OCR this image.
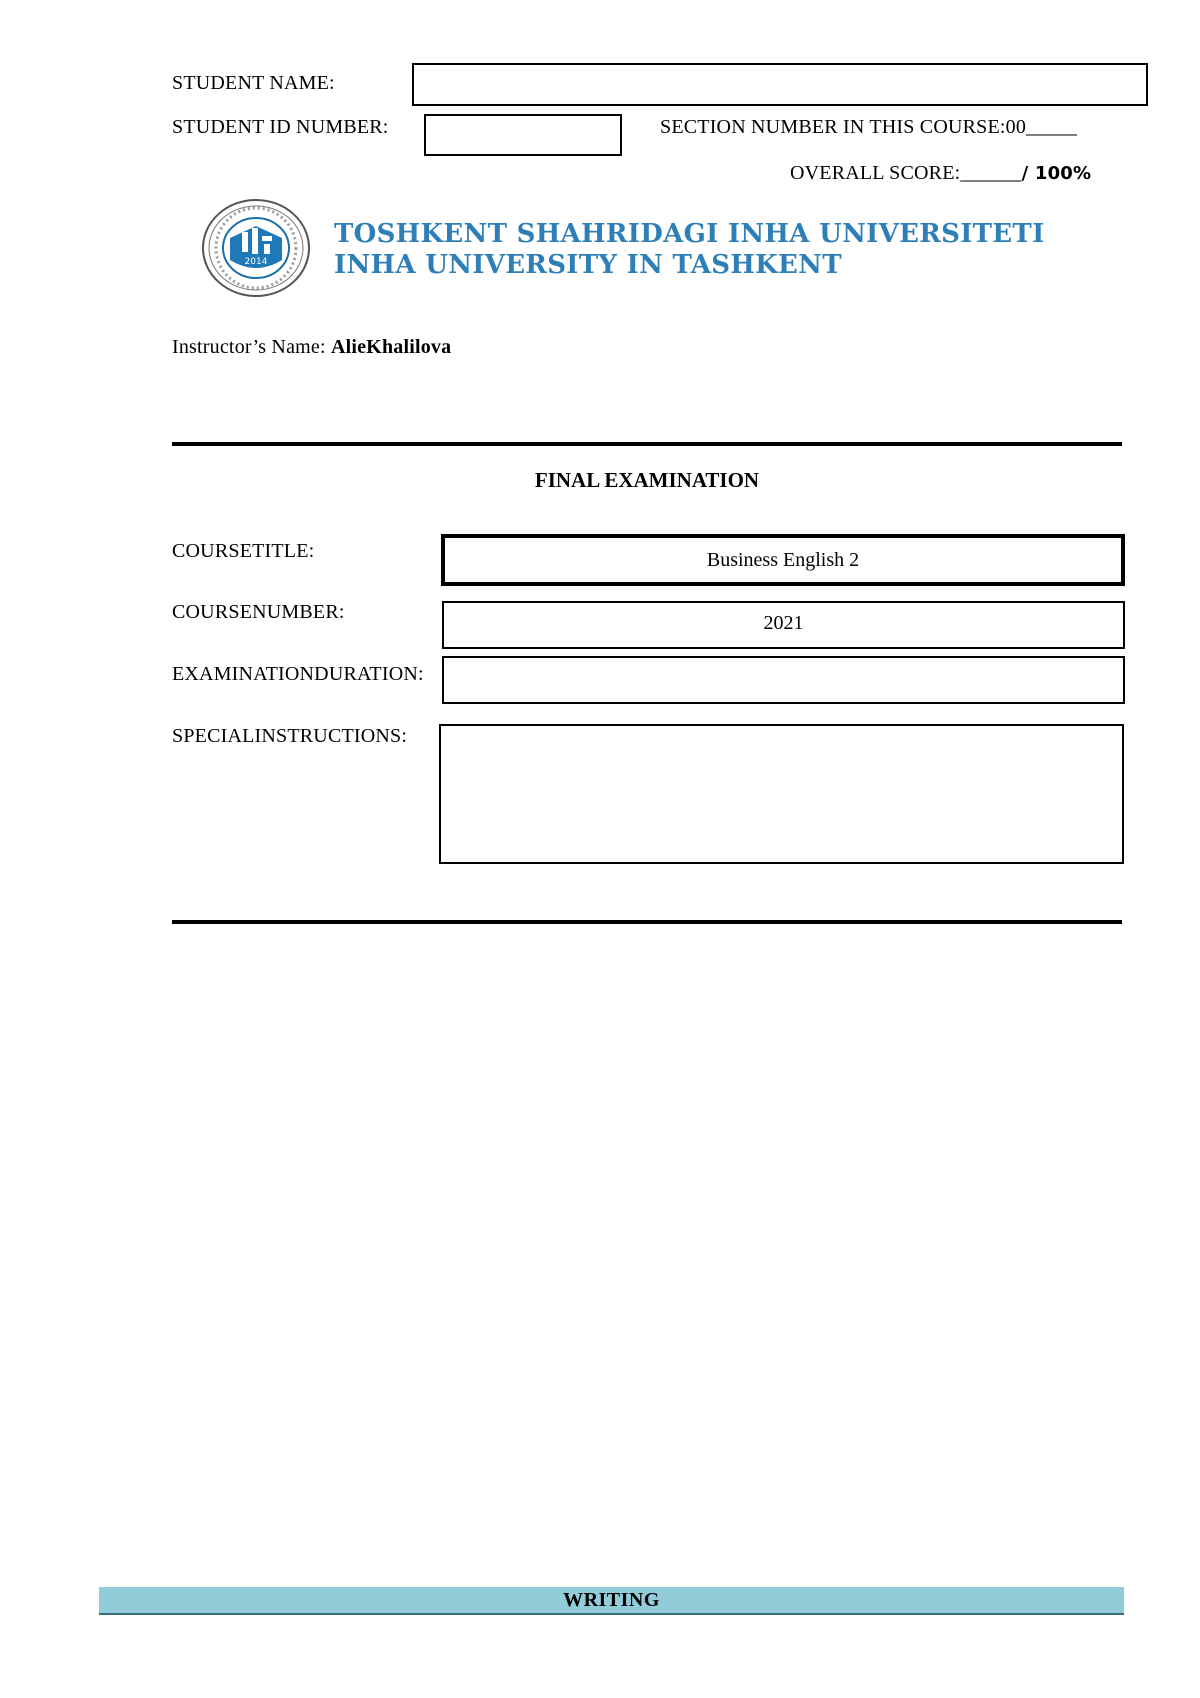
STUDENT NAME:
STUDENT ID NUMBER:	SECTION NUMBER IN THIS COURSE:00_____
OVERALL SCORE:______/ 100%
2014
TOSHKENT SHAHRIDAGI INHA UNIVERSITETI
INHA UNIVERSITY IN TASHKENT
Instructor’s Name: AlieKhalilova
FINAL EXAMINATION
COURSETITLE:	Business English 2
COURSENUMBER:	2021
EXAMINATIONDURATION:
SPECIALINSTRUCTIONS:
WRITING
